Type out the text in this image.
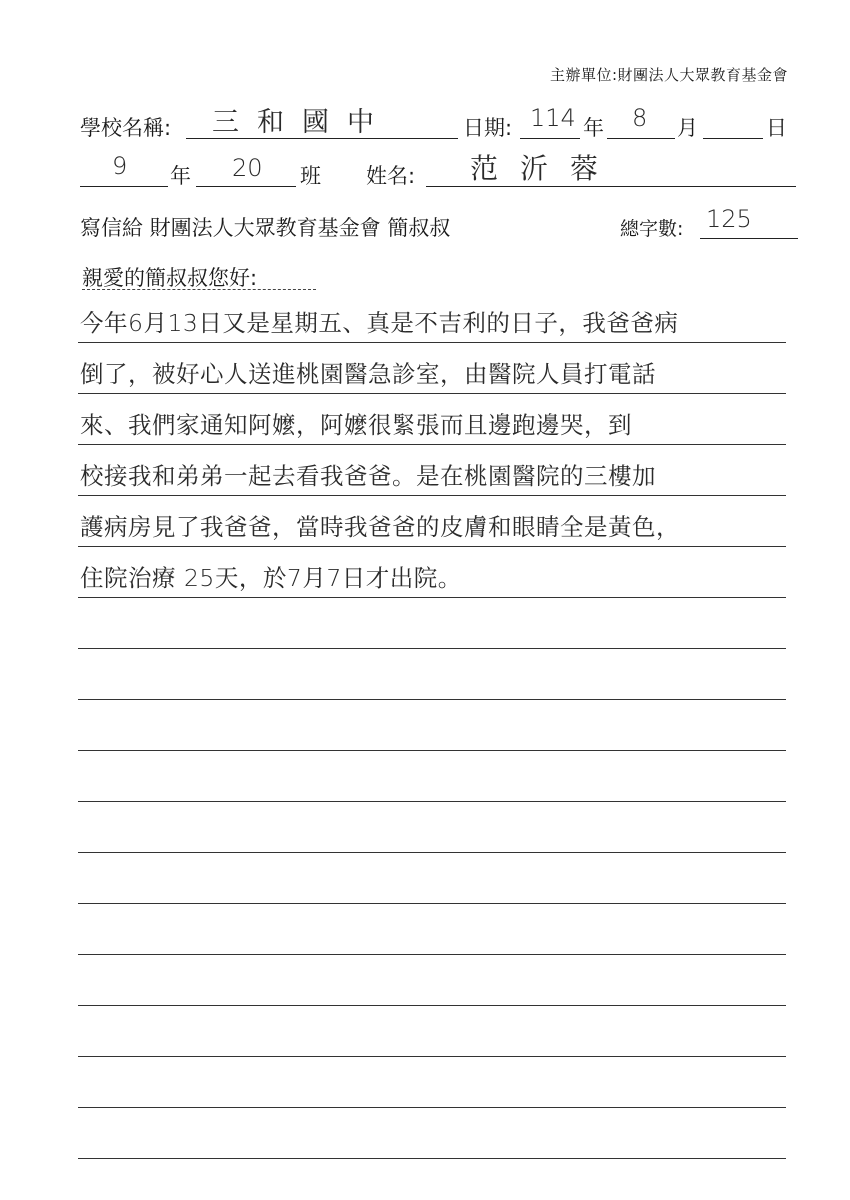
主辦單位:財團法人大眾教育基金會
學校名稱: 三和國中	日期: 114 年 8 月	日
9 年 20 班 姓名: 范沂蓉
寫信給 財團法人大眾教育基金會 簡叔叔	總字數: 125
親愛的簡叔叔您好:
今年6月13日又是星期五、真是不吉利的日子，我爸爸病
倒了，被好心人送進桃園醫急診室，由醫院人員打電話
來、我們家通知阿嬤，阿嬤很緊張而且邊跑邊哭，到
校接我和弟弟一起去看我爸爸。是在桃園醫院的三樓加
護病房見了我爸爸，當時我爸爸的皮膚和眼睛全是黃色，
住院治療 25天，於7月7日才出院。
